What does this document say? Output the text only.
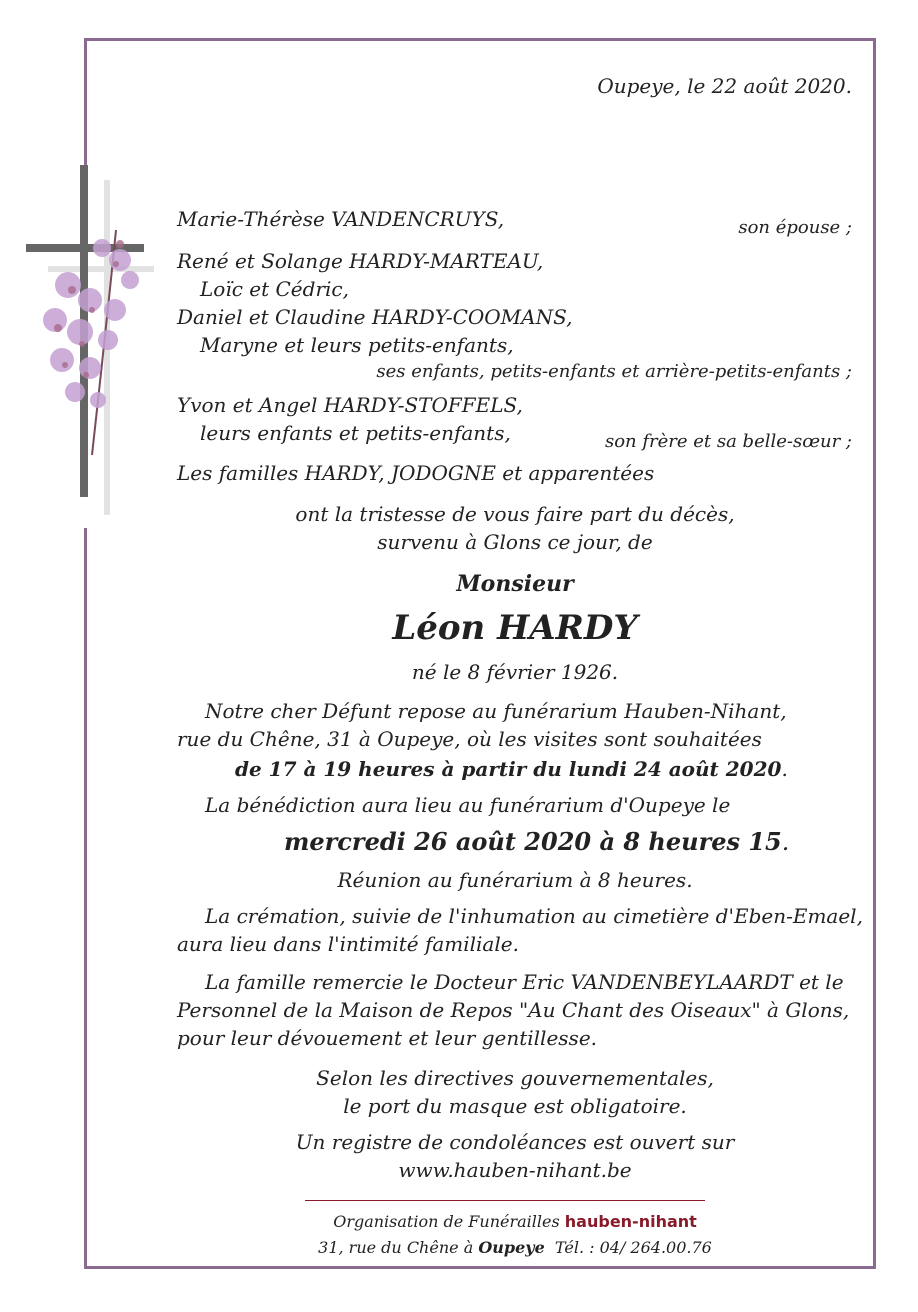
Oupeye, le 22 août 2020.
Marie-Thérèse VANDENCRUYS,	son épouse ;
René et Solange HARDY-MARTEAU,
Loïc et Cédric,
Daniel et Claudine HARDY-COOMANS,
Maryne et leurs petits-enfants,
ses enfants, petits-enfants et arrière-petits-enfants ;
Yvon et Angel HARDY-STOFFELS,
leurs enfants et petits-enfants,	son frère et sa belle-sœur ;
Les familles HARDY, JODOGNE et apparentées
ont la tristesse de vous faire part du décès,
survenu à Glons ce jour, de
Monsieur
Léon HARDY
né le 8 février 1926.
Notre cher Défunt repose au funérarium Hauben-Nihant,
rue du Chêne, 31 à Oupeye, où les visites sont souhaitées
de 17 à 19 heures à partir du lundi 24 août 2020.
La bénédiction aura lieu au funérarium d'Oupeye le
mercredi 26 août 2020 à 8 heures 15.
Réunion au funérarium à 8 heures.
La crémation, suivie de l'inhumation au cimetière d'Eben-Emael,
aura lieu dans l'intimité familiale.
La famille remercie le Docteur Eric VANDENBEYLAARDT et le
Personnel de la Maison de Repos "Au Chant des Oiseaux" à Glons,
pour leur dévouement et leur gentillesse.
Selon les directives gouvernementales,
le port du masque est obligatoire.
Un registre de condoléances est ouvert sur
www.hauben-nihant.be
Organisation de Funérailles hauben-nihant
31, rue du Chêne à Oupeye Tél. : 04/ 264.00.76
